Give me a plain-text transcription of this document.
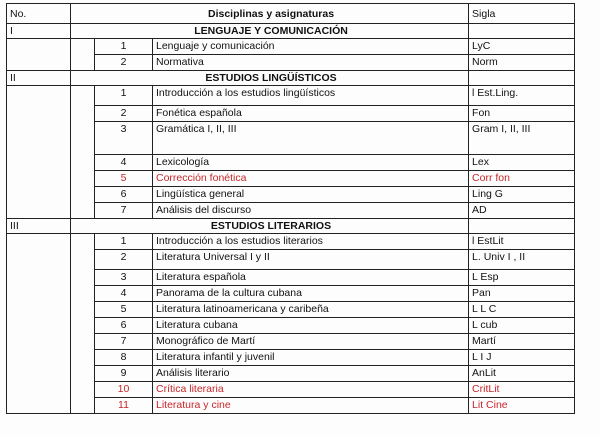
No.	Disciplinas y asignaturas			Sigla
I	LENGUAJE Y COMUNICACIÓN			
		1	Lenguaje y comunicación	LyC
		2	Normativa	Norm
II	ESTUDIOS LINGÜÍSTICOS			
		1	Introducción a los estudios lingüísticos	l Est.Ling.
		2	Fonética española	Fon
		3	Gramática I, II, III	Gram I, II, III
		4	Lexicología	Lex
		5	Corrección fonética	Corr fon
		6	Lingüística general	Ling G
		7	Análisis del discurso	AD
III	ESTUDIOS LITERARIOS			
		1	Introducción a los estudios literarios	l EstLit
		2	Literatura Universal I y II	L. Univ I , II
		3	Literatura española	L Esp
		4	Panorama de la cultura cubana	Pan
		5	Literatura latinoamericana y caribeña	L L C
		6	Literatura cubana	L cub
		7	Monográfico de Martí	Martí
		8	Literatura infantil y juvenil	L I J
		9	Análisis literario	AnLit
		10	Crítica literaria	CritLit
		11	Literatura y cine	Lit Cine
